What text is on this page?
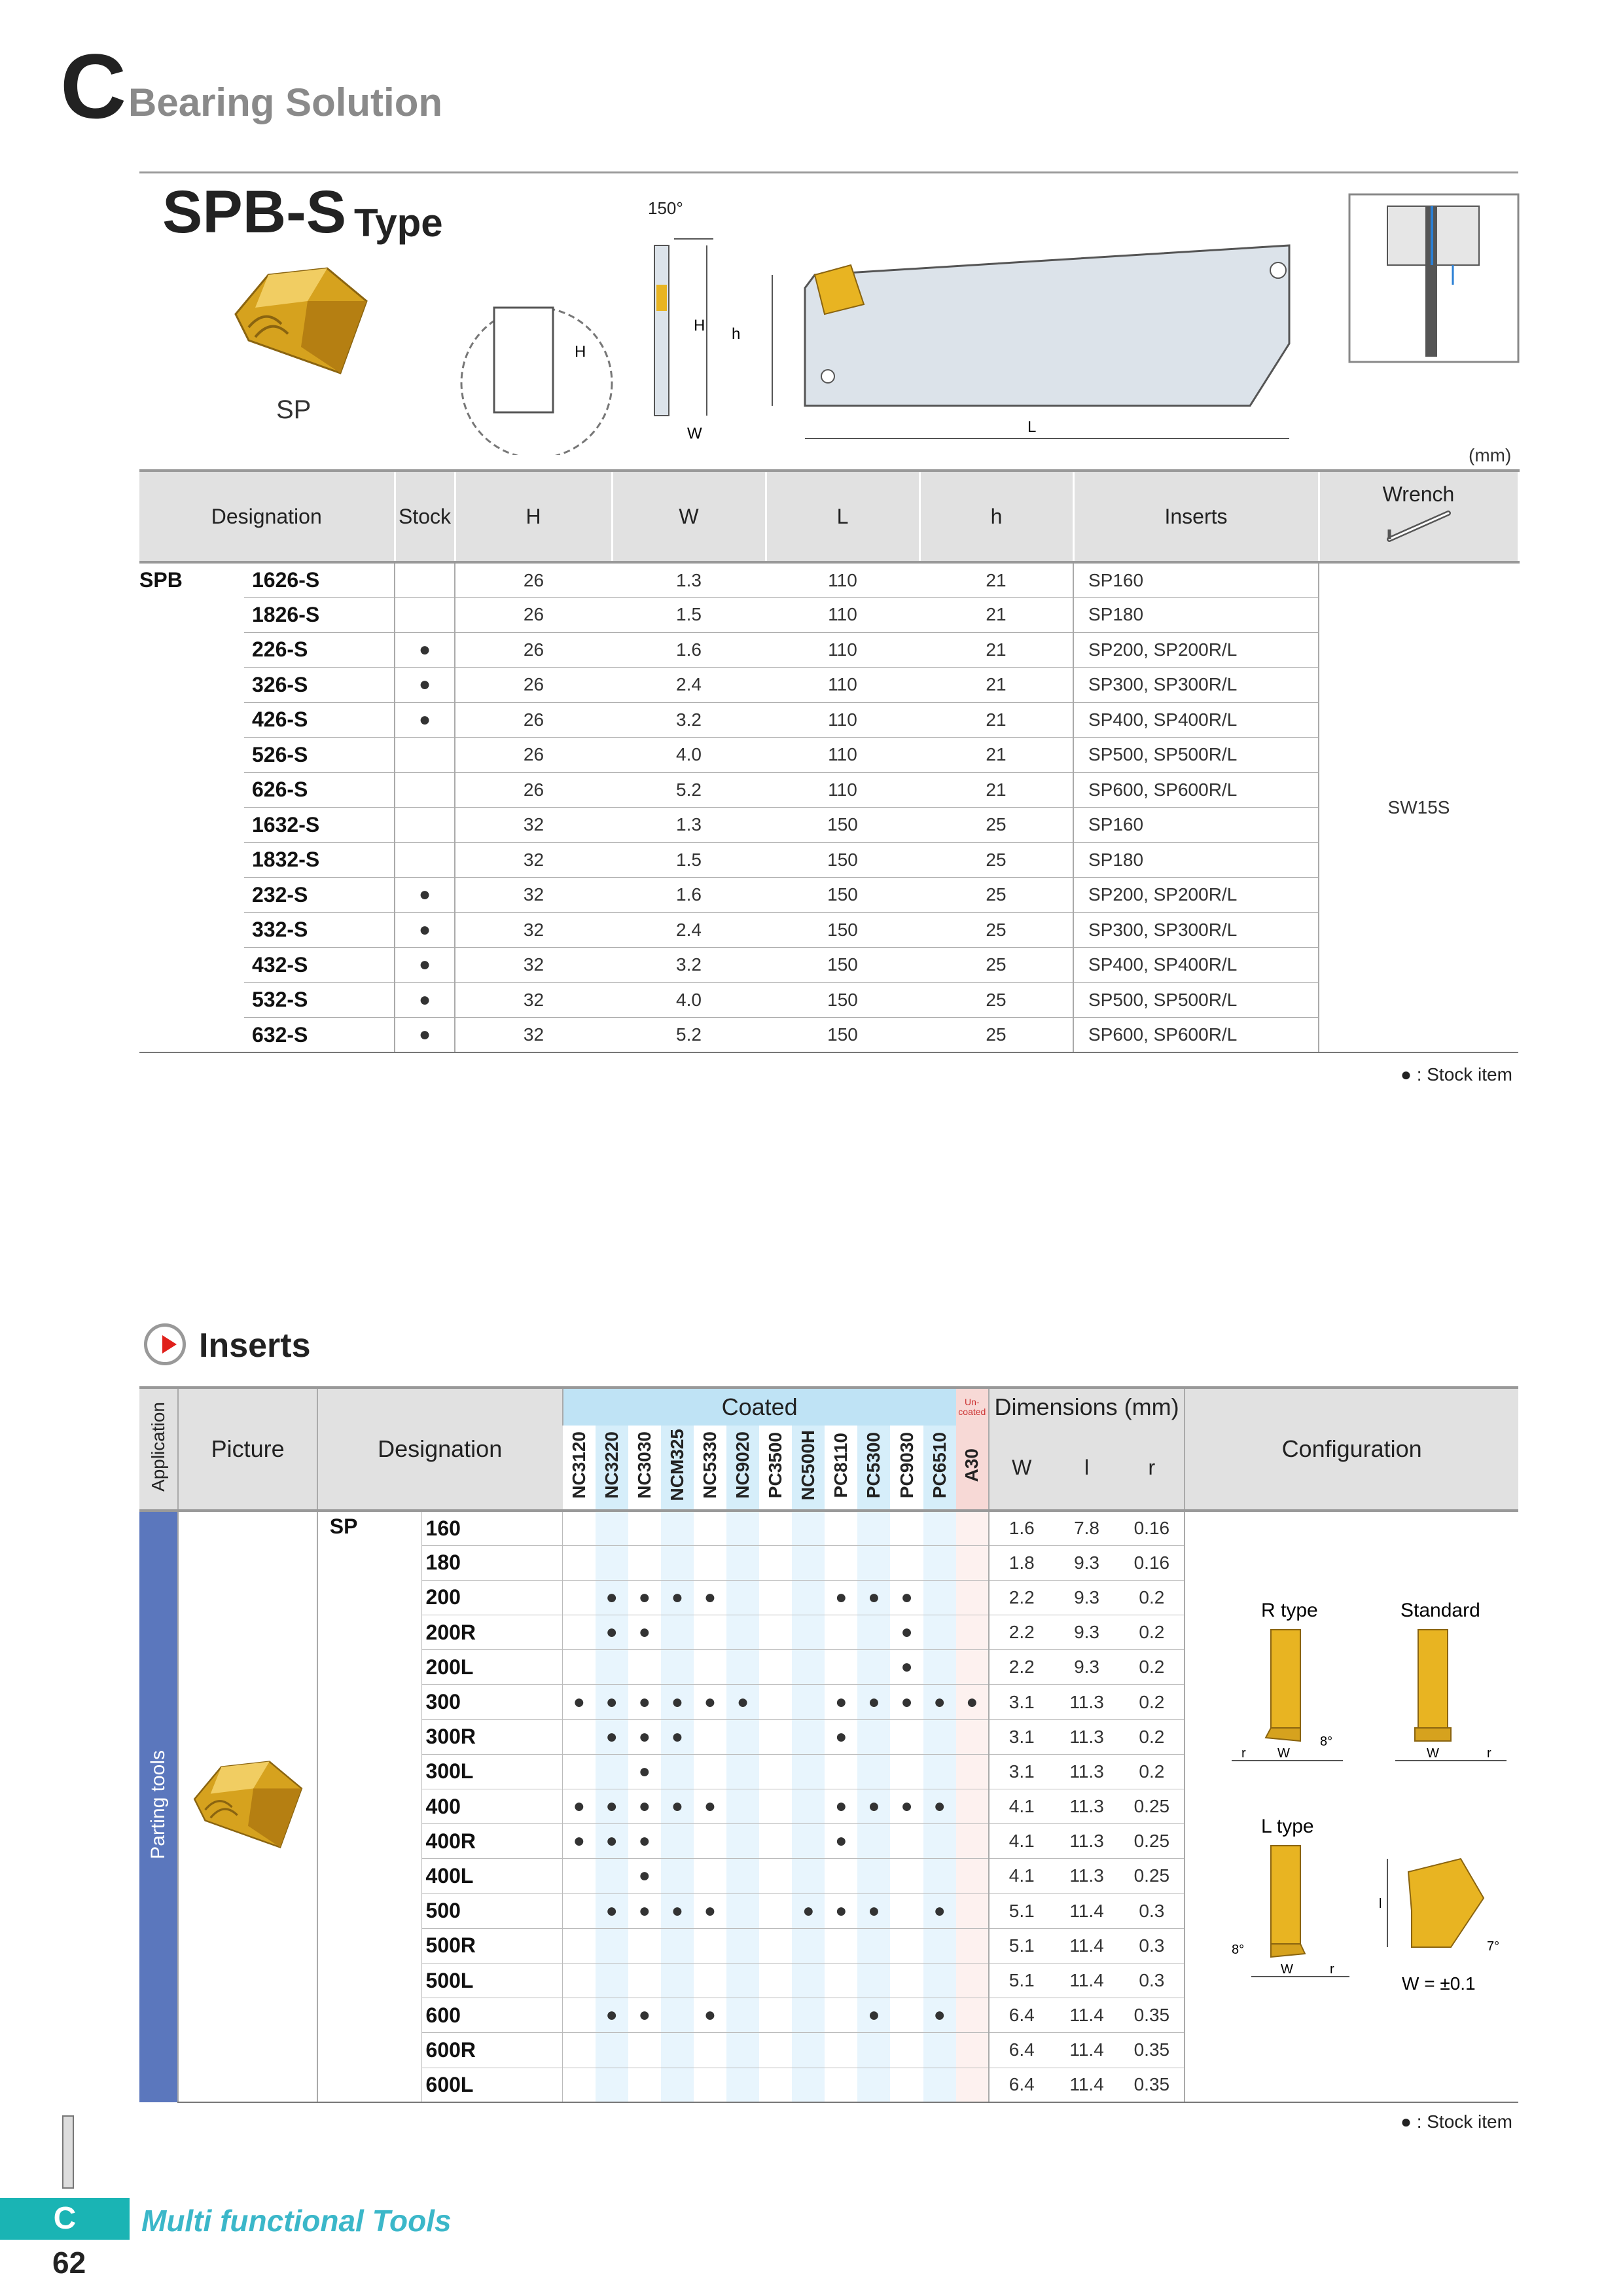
C Bearing Solution
SPB-S Type
SP
150°
H
H
W
h
L
(mm)
Designation		Stock	H	W	L	h	Inserts	Wrench

SPB	1626-S		26	1.3	110	21	SP160	SW15S
	1826-S		26	1.5	110	21	SP180	
	226-S	●	26	1.6	110	21	SP200, SP200R/L	
	326-S	●	26	2.4	110	21	SP300, SP300R/L	
	426-S	●	26	3.2	110	21	SP400, SP400R/L	
	526-S		26	4.0	110	21	SP500, SP500R/L	
	626-S		26	5.2	110	21	SP600, SP600R/L	
	1632-S		32	1.3	150	25	SP160	
	1832-S		32	1.5	150	25	SP180	
	232-S	●	32	1.6	150	25	SP200, SP200R/L	
	332-S	●	32	2.4	150	25	SP300, SP300R/L	
	432-S	●	32	3.2	150	25	SP400, SP400R/L	
	532-S	●	32	4.0	150	25	SP500, SP500R/L	
	632-S	●	32	5.2	150	25	SP600, SP600R/L	
● : Stock item
Inserts
Application	Picture	Designation		Coated												Un-coated	Dimensions (mm)			Configuration
				NC3120	NC3220	NC3030	NCM325	NC5330	NC9020	PC3500	NC500H	PC8110	PC5300	PC9030	PC6510	A30	W	l	r	
Parting tools		SP	160														1.6	7.8	0.16	
			180														1.8	9.3	0.16	
			200		●	●	●	●				●	●	●			2.2	9.3	0.2	
			200R		●	●								●			2.2	9.3	0.2	
			200L											●			2.2	9.3	0.2	
			300	●	●	●	●	●	●			●	●	●	●	●	3.1	11.3	0.2	
			300R		●	●	●					●					3.1	11.3	0.2	
			300L			●											3.1	11.3	0.2	
			400	●	●	●	●	●				●	●	●	●		4.1	11.3	0.25	
			400R	●	●	●						●					4.1	11.3	0.25	
			400L			●											4.1	11.3	0.25	
			500		●	●	●	●			●	●	●		●		5.1	11.4	0.3	
			500R														5.1	11.4	0.3	
			500L														5.1	11.4	0.3	
			600		●	●		●					●		●		6.4	11.4	0.35	
			600R														6.4	11.4	0.35	
			600L														6.4	11.4	0.35	
● : Stock item
R type	Standard
8°
W
r	W	r
L type
8°
W	r
l
7°
W = ±0.1
C	Multi functional Tools
62
